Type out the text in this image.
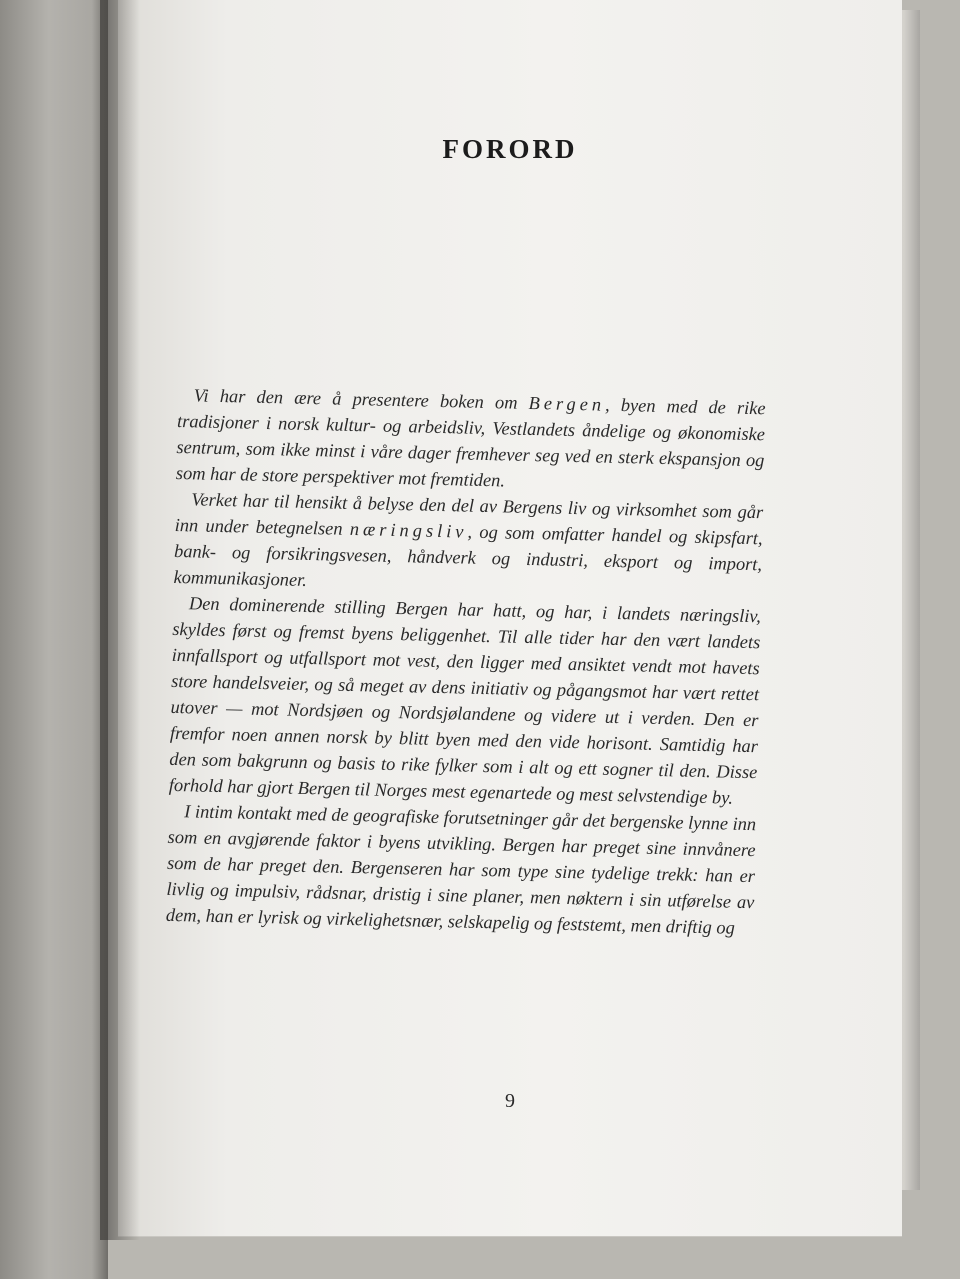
FORORD

Vi har den ære å presentere boken om Bergen, byen med de rike tradisjoner i norsk kultur- og arbeidsliv, Vestlandets åndelige og økonomiske sentrum, som ikke minst i våre dager fremhever seg ved en sterk ekspansjon og som har de store perspektiver mot fremtiden.

Verket har til hensikt å belyse den del av Bergens liv og virksomhet som går inn under betegnelsen næringsliv, og som omfatter handel og skipsfart, bank- og forsikringsvesen, håndverk og industri, eksport og import, kommunikasjoner.

Den dominerende stilling Bergen har hatt, og har, i landets næringsliv, skyldes først og fremst byens beliggenhet. Til alle tider har den vært landets innfallsport og utfallsport mot vest, den ligger med ansiktet vendt mot havets store handelsveier, og så meget av dens initiativ og pågangsmot har vært rettet utover — mot Nordsjøen og Nordsjølandene og videre ut i verden. Den er fremfor noen annen norsk by blitt byen med den vide horisont. Samtidig har den som bakgrunn og basis to rike fylker som i alt og ett sogner til den. Disse forhold har gjort Bergen til Norges mest egenartede og mest selvstendige by.

I intim kontakt med de geografiske forutsetninger går det bergenske lynne inn som en avgjørende faktor i byens utvikling. Bergen har preget sine innvånere som de har preget den. Bergenseren har som type sine tydelige trekk: han er livlig og impulsiv, rådsnar, dristig i sine planer, men nøktern i sin utførelse av dem, han er lyrisk og virkelighetsnær, selskapelig og feststemt, men driftig og

9
